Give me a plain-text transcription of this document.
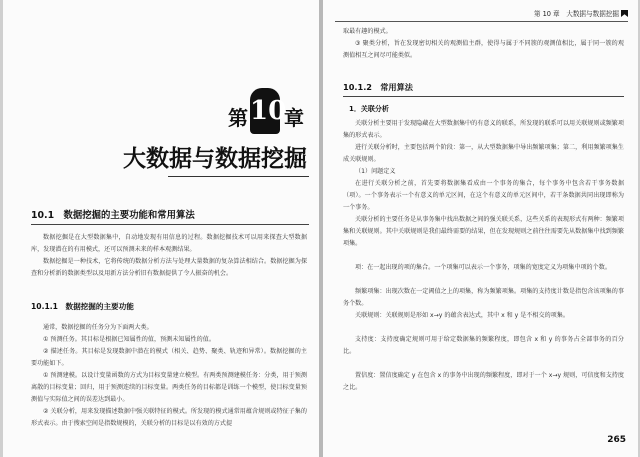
第 10
章
大数据与数据挖掘
10.1　数据挖掘的主要功能和常用算法
数据挖掘是在大型数据集中，自动地发现有用信息的过程。数据挖掘技术可以用来探查大型数据库，发现潜在的有用模式，还可以预测未来的样本观测结果。
数据挖掘是一种技术，它将传统的数据分析方法与处理大量数据的复杂算法相结合。数据挖掘为探查和分析新的数据类型以及用新方法分析旧有数据提供了令人振奋的机会。
10.1.1　数据挖掘的主要功能
通常，数据挖掘的任务分为下面两大类。
① 预测任务。其目标是根据已知属性的值，预测未知属性的值。
② 描述任务。其目标是发现数据中潜在的模式（相关、趋势、聚类、轨迹和异常）。数据挖掘的主要功能如下。
① 预测建模。以设计变量函数的方式为目标变量建立模型。有两类预测建模任务：分类，用于预测离散的目标变量；回归，用于预测连续的目标变量。两类任务的目标都是训练一个模型，使目标变量预测值与实际值之间的误差达到最小。
② 关联分析，用来发现描述数据中强关联特征的模式。所发现的模式通常用蕴含规则或特征子集的形式表示。由于搜索空间是指数规模的，关联分析的目标是以有效的方式提
第 10 章　大数据与数据挖掘
取最有趣的模式。
③ 聚类分析，旨在发现密切相关的观测值主群，使得与属于不同簇的观测值相比，属于同一簇的观测值相互之间尽可能类似。
10.1.2　常用算法
1．关联分析
关联分析主要用于发现隐藏在大型数据集中的有意义的联系，所发现的联系可以用关联规则或频繁项集的形式表示。
进行关联分析时，主要包括两个阶段：第一，从大型数据集中导出频繁项集；第二，利用频繁项集生成关联规则。
（1）问题定义
在进行关联分析之前，首先要将数据集看成由一个事务的集合，每个事务中包含若干事务数据（项）。一个事务表示一个有意义的单元区间，在这个有意义的单元区间中，若干条数据共同出现即称为一个事务。
关联分析的主要任务是从事务集中找出数据之间的强关联关系，这些关系的表现形式有两种：频繁项集和关联规则。其中关联规则是我们最终需要的结果，但在发现规则之前往往需要先从数据集中找到频繁项集。
项：在一起出现的项的集合。一个项集可以表示一个事务，项集的宽度定义为项集中项的个数。
频繁项集：出现次数在一定阈值之上的项集，称为频繁项集。项集的支持度计数是指包含该项集的事务个数。
关联规则：关联规则是形如 x→y 的蕴含表达式，其中 x 和 y 是不相交的项集。
支持度：支持度确定规则可用于给定数据集的频繁程度，即包含 x 和 y 的事务占全部事务的百分比。
置信度：置信度确定 y 在包含 x 的事务中出现的频繁程度，即对于一个 x→y 规则，可信度和支持度之比。
265
